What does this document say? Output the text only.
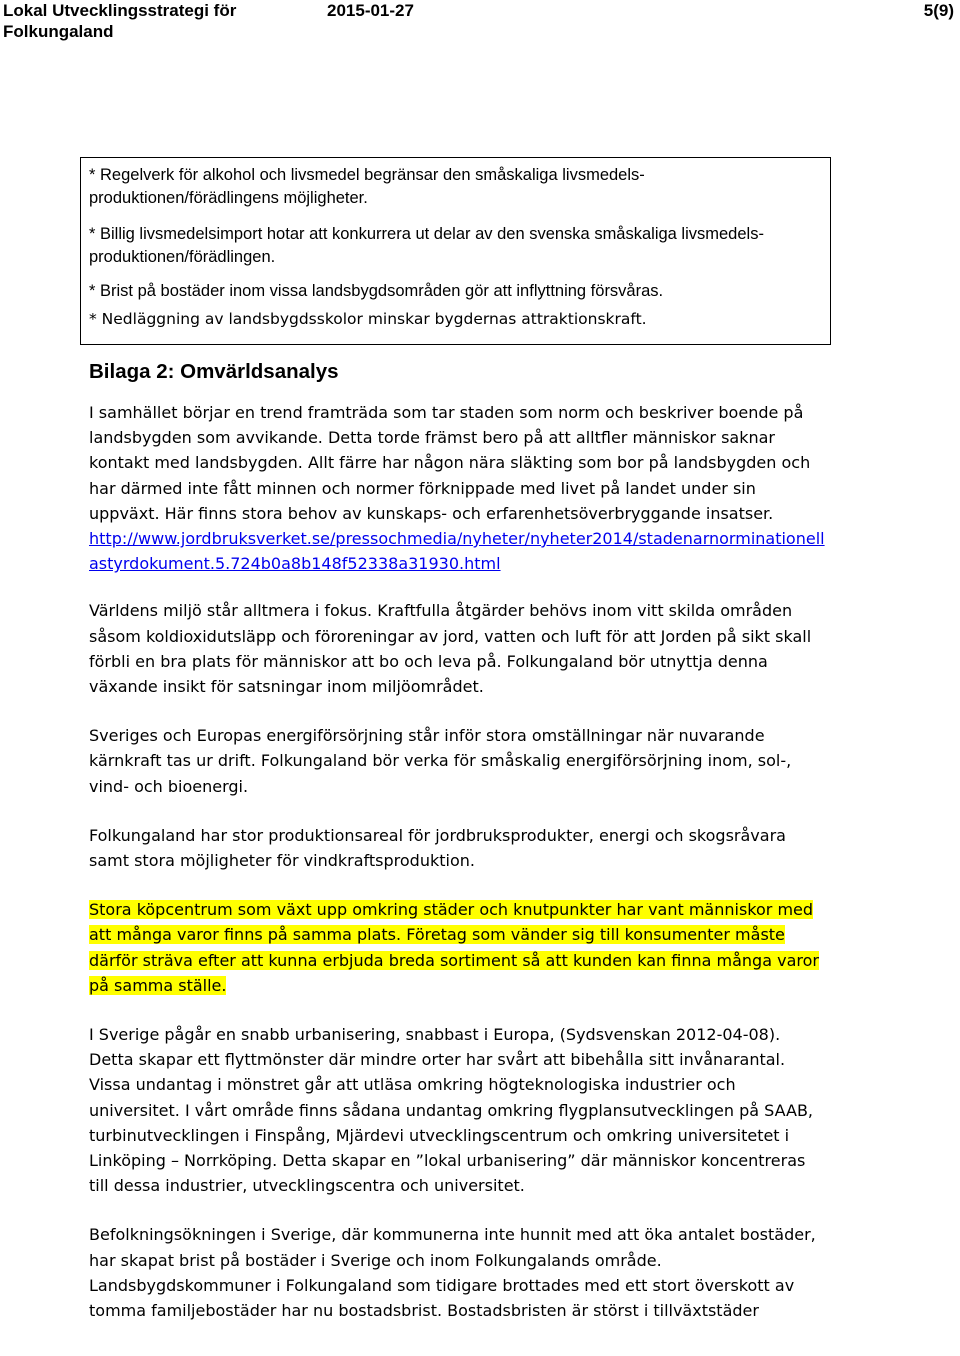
Lokal Utvecklingsstrategi för Folkungaland
2015-01-27	5(9)

* Regelverk för alkohol och livsmedel begränsar den småskaliga livsmedels-produktionen/förädlingens möjligheter.

* Billig livsmedelsimport hotar att konkurrera ut delar av den svenska småskaliga livsmedels- produktionen/förädlingen.

* Brist på bostäder inom vissa landsbygdsområden gör att inflyttning försvåras.

* Nedläggning av landsbygdsskolor minskar bygdernas attraktionskraft.

Bilaga 2: Omvärldsanalys

I samhället börjar en trend framträda som tar staden som norm och beskriver boende på landsbygden som avvikande. Detta torde främst bero på att alltfler människor saknar kontakt med landsbygden. Allt färre har någon nära släkting som bor på landsbygden och har därmed inte fått minnen och normer förknippade med livet på landet under sin uppväxt. Här finns stora behov av kunskaps- och erfarenhetsöverbryggande insatser.

http://www.jordbruksverket.se/pressochmedia/nyheter/nyheter2014/stadenarnorminationellastyrdokument.5.724b0a8b148f52338a31930.html

Världens miljö står alltmera i fokus. Kraftfulla åtgärder behövs inom vitt skilda områden såsom koldioxidutsläpp och föroreningar av jord, vatten och luft för att Jorden på sikt skall förbli en bra plats för människor att bo och leva på. Folkungaland bör utnyttja denna växande insikt för satsningar inom miljöområdet.

Sveriges och Europas energiförsörjning står inför stora omställningar när nuvarande kärnkraft tas ur drift. Folkungaland bör verka för småskalig energiförsörjning inom, sol-, vind- och bioenergi.

Folkungaland har stor produktionsareal för jordbruksprodukter, energi och skogsråvara samt stora möjligheter för vindkraftsproduktion.

Stora köpcentrum som växt upp omkring städer och knutpunkter har vant människor med att många varor finns på samma plats. Företag som vänder sig till konsumenter måste därför sträva efter att kunna erbjuda breda sortiment så att kunden kan finna många varor på samma ställe.

I Sverige pågår en snabb urbanisering, snabbast i Europa, (Sydsvenskan 2012-04-08). Detta skapar ett flyttmönster där mindre orter har svårt att bibehålla sitt invånarantal. Vissa undantag i mönstret går att utläsa omkring högteknologiska industrier och universitet. I vårt område finns sådana undantag omkring flygplansutvecklingen på SAAB, turbinutvecklingen i Finspång, Mjärdevi utvecklingscentrum och omkring universitetet i Linköping – Norrköping. Detta skapar en ”lokal urbanisering” där människor koncentreras till dessa industrier, utvecklingscentra och universitet.

Befolkningsökningen i Sverige, där kommunerna inte hunnit med att öka antalet bostäder, har skapat brist på bostäder i Sverige och inom Folkungalands område. Landsbygdskommuner i Folkungaland som tidigare brottades med ett stort överskott av tomma familjebostäder har nu bostadsbrist. Bostadsbristen är störst i tillväxtstäder
